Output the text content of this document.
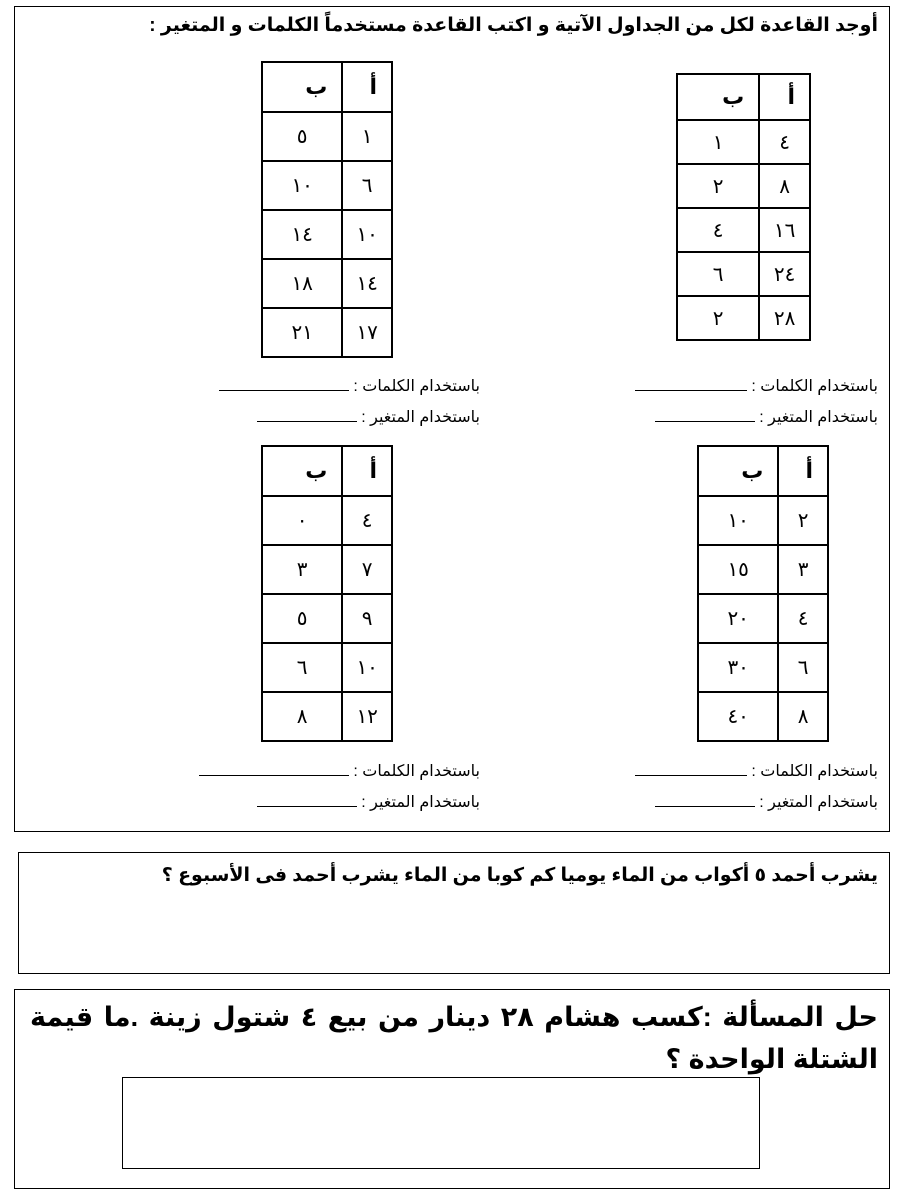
أوجد القاعدة لكل من الجداول الآتية و اكتب القاعدة مستخدماً الكلمات و المتغير :
أ	ب
٤	١
٨	٢
١٦	٤
٢٤	٦
٢٨	٢
أ	ب
١	٥
٦	١٠
١٠	١٤
١٤	١٨
١٧	٢١
باستخدام الكلمات :
باستخدام المتغير :
باستخدام الكلمات :
باستخدام المتغير :
أ	ب
٢	١٠
٣	١٥
٤	٢٠
٦	٣٠
٨	٤٠
أ	ب
٤	٠
٧	٣
٩	٥
١٠	٦
١٢	٨
باستخدام الكلمات :
باستخدام المتغير :
باستخدام الكلمات :
باستخدام المتغير :
يشرب أحمد ٥ أكواب من الماء يوميا كم كوبا من الماء يشرب أحمد فى الأسبوع ؟
حل المسألة :كسب هشام ٢٨ دينار من بيع ٤ شتول زينة .ما قيمة الشتلة الواحدة ؟
